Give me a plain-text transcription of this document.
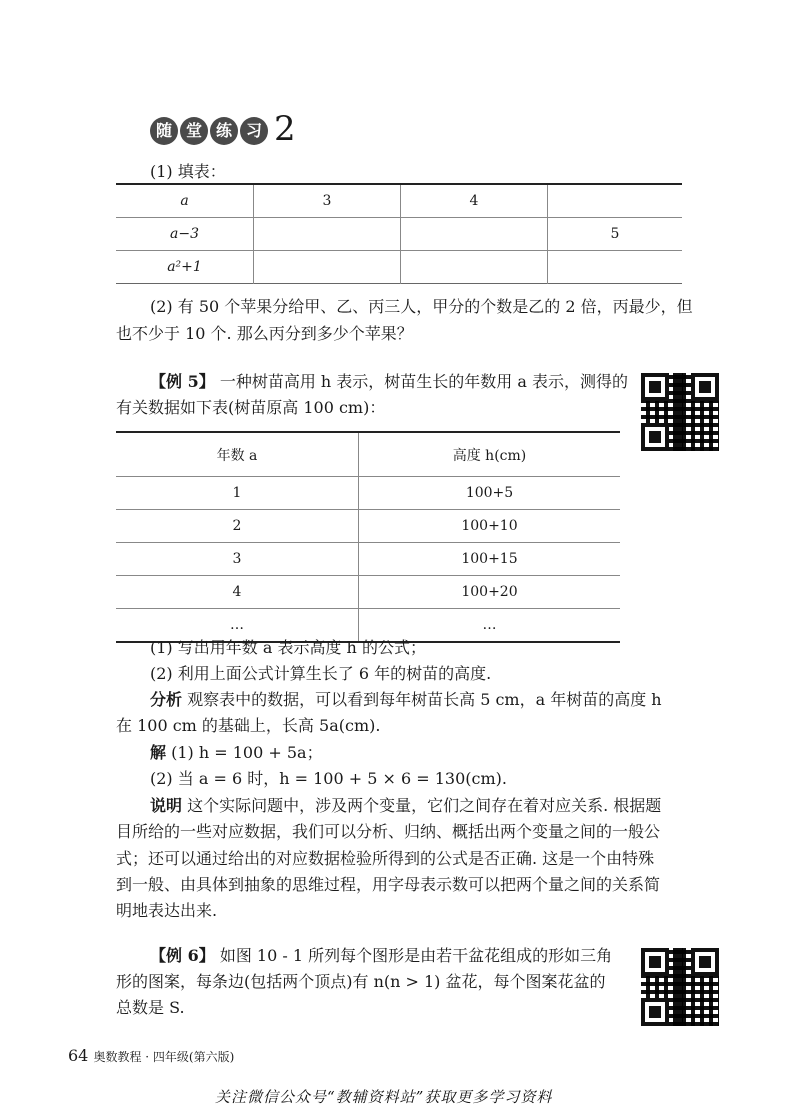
随 堂 练 习 2
(1) 填表：
a	3	4	
a−3			5
a²+1			
(2) 有 50 个苹果分给甲、乙、丙三人，甲分的个数是乙的 2 倍，丙最少，但
也不少于 10 个. 那么丙分到多少个苹果？
【例 5】 一种树苗高用 h 表示，树苗生长的年数用 a 表示，测得的
有关数据如下表(树苗原高 100 cm)：
年数 a	高度 h(cm)
1	100+5
2	100+10
3	100+15
4	100+20
…	…
(1) 写出用年数 a 表示高度 h 的公式；
(2) 利用上面公式计算生长了 6 年的树苗的高度.
分析 观察表中的数据，可以看到每年树苗长高 5 cm，a 年树苗的高度 h
在 100 cm 的基础上，长高 5a(cm).
解 (1) h = 100 + 5a；
(2) 当 a = 6 时，h = 100 + 5 × 6 = 130(cm).
说明 这个实际问题中，涉及两个变量，它们之间存在着对应关系. 根据题
目所给的一些对应数据，我们可以分析、归纳、概括出两个变量之间的一般公
式；还可以通过给出的对应数据检验所得到的公式是否正确. 这是一个由特殊
到一般、由具体到抽象的思维过程，用字母表示数可以把两个量之间的关系简
明地表达出来.
【例 6】 如图 10 - 1 所列每个图形是由若干盆花组成的形如三角
形的图案，每条边(包括两个顶点)有 n(n > 1) 盆花，每个图案花盆的
总数是 S.
64 奥数教程 · 四年级(第六版)
关注微信公众号“教辅资料站”获取更多学习资料
